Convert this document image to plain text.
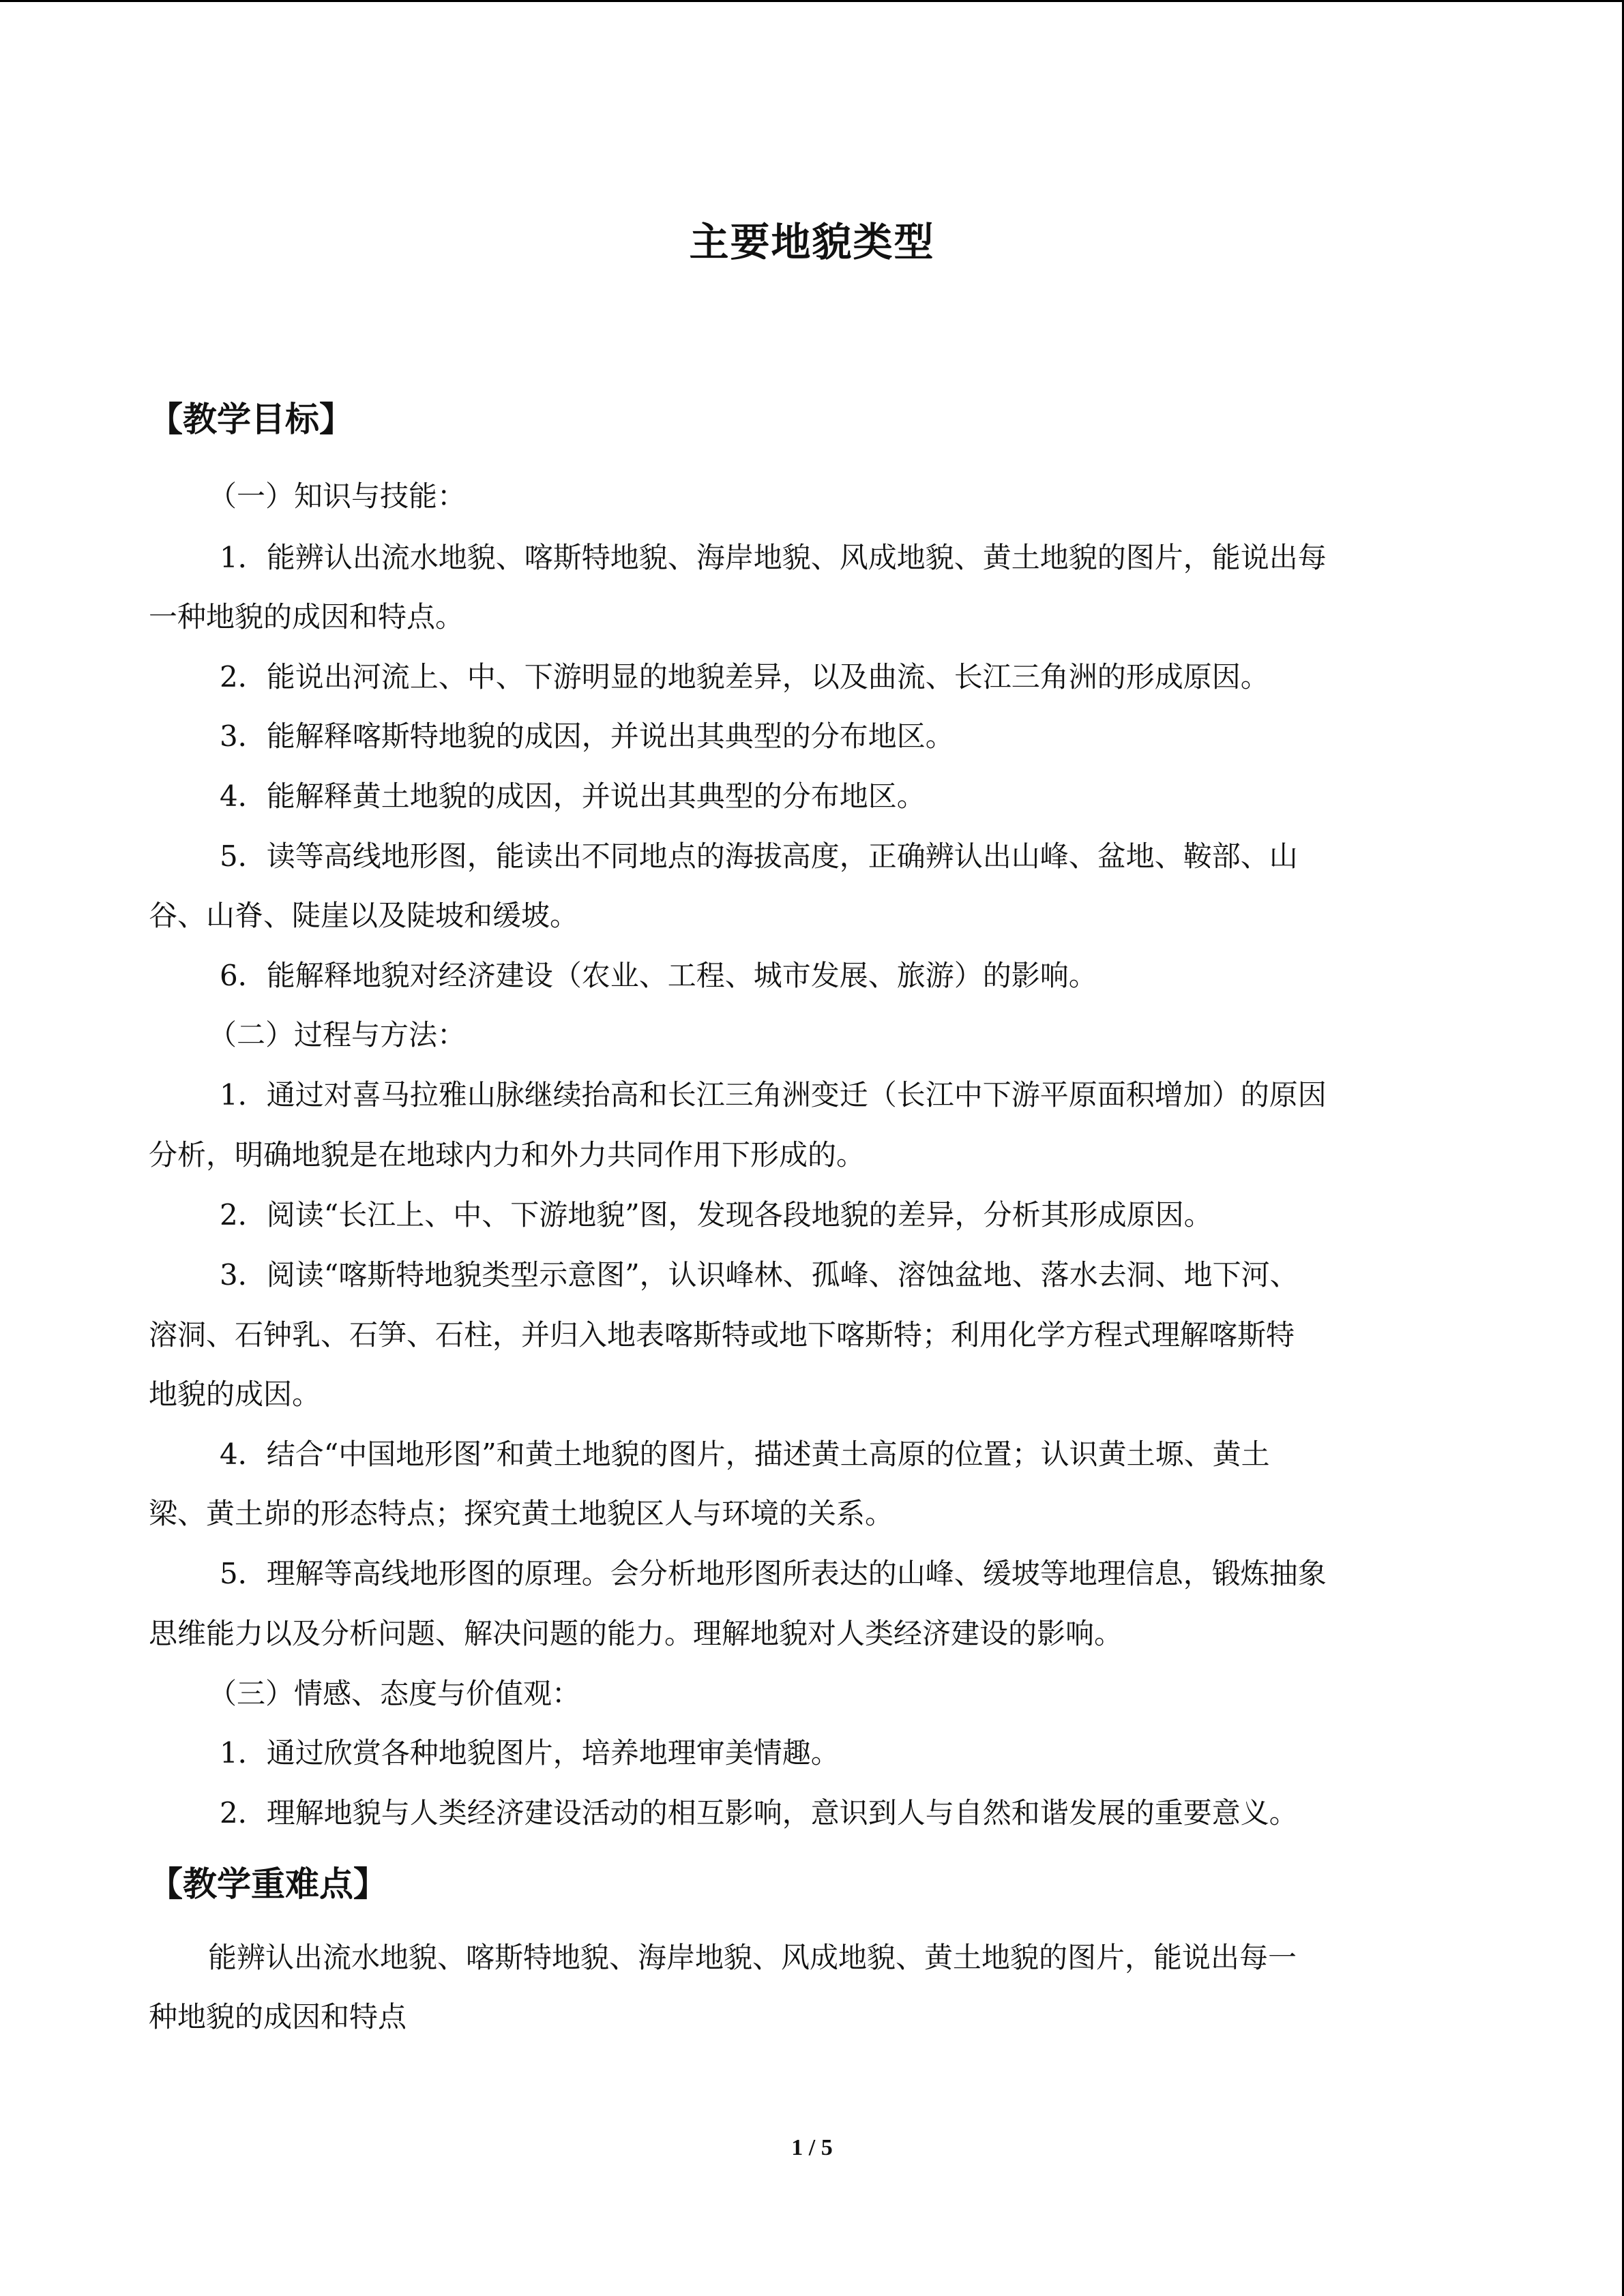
主要地貌类型
【教学目标】
（一）知识与技能：
1．能辨认出流水地貌、喀斯特地貌、海岸地貌、风成地貌、黄土地貌的图片，能说出每
一种地貌的成因和特点。
2．能说出河流上、中、下游明显的地貌差异，以及曲流、长江三角洲的形成原因。
3．能解释喀斯特地貌的成因，并说出其典型的分布地区。
4．能解释黄土地貌的成因，并说出其典型的分布地区。
5．读等高线地形图，能读出不同地点的海拔高度，正确辨认出山峰、盆地、鞍部、山
谷、山脊、陡崖以及陡坡和缓坡。
6．能解释地貌对经济建设（农业、工程、城市发展、旅游）的影响。
（二）过程与方法：
1．通过对喜马拉雅山脉继续抬高和长江三角洲变迁（长江中下游平原面积增加）的原因
分析，明确地貌是在地球内力和外力共同作用下形成的。
2．阅读“长江上、中、下游地貌”图，发现各段地貌的差异，分析其形成原因。
3．阅读“喀斯特地貌类型示意图”，认识峰林、孤峰、溶蚀盆地、落水去洞、地下河、
溶洞、石钟乳、石笋、石柱，并归入地表喀斯特或地下喀斯特；利用化学方程式理解喀斯特
地貌的成因。
4．结合“中国地形图”和黄土地貌的图片，描述黄土高原的位置；认识黄土塬、黄土
梁、黄土峁的形态特点；探究黄土地貌区人与环境的关系。
5．理解等高线地形图的原理。会分析地形图所表达的山峰、缓坡等地理信息，锻炼抽象
思维能力以及分析问题、解决问题的能力。理解地貌对人类经济建设的影响。
（三）情感、态度与价值观：
1．通过欣赏各种地貌图片，培养地理审美情趣。
2．理解地貌与人类经济建设活动的相互影响，意识到人与自然和谐发展的重要意义。
【教学重难点】
能辨认出流水地貌、喀斯特地貌、海岸地貌、风成地貌、黄土地貌的图片，能说出每一
种地貌的成因和特点
1 / 5
